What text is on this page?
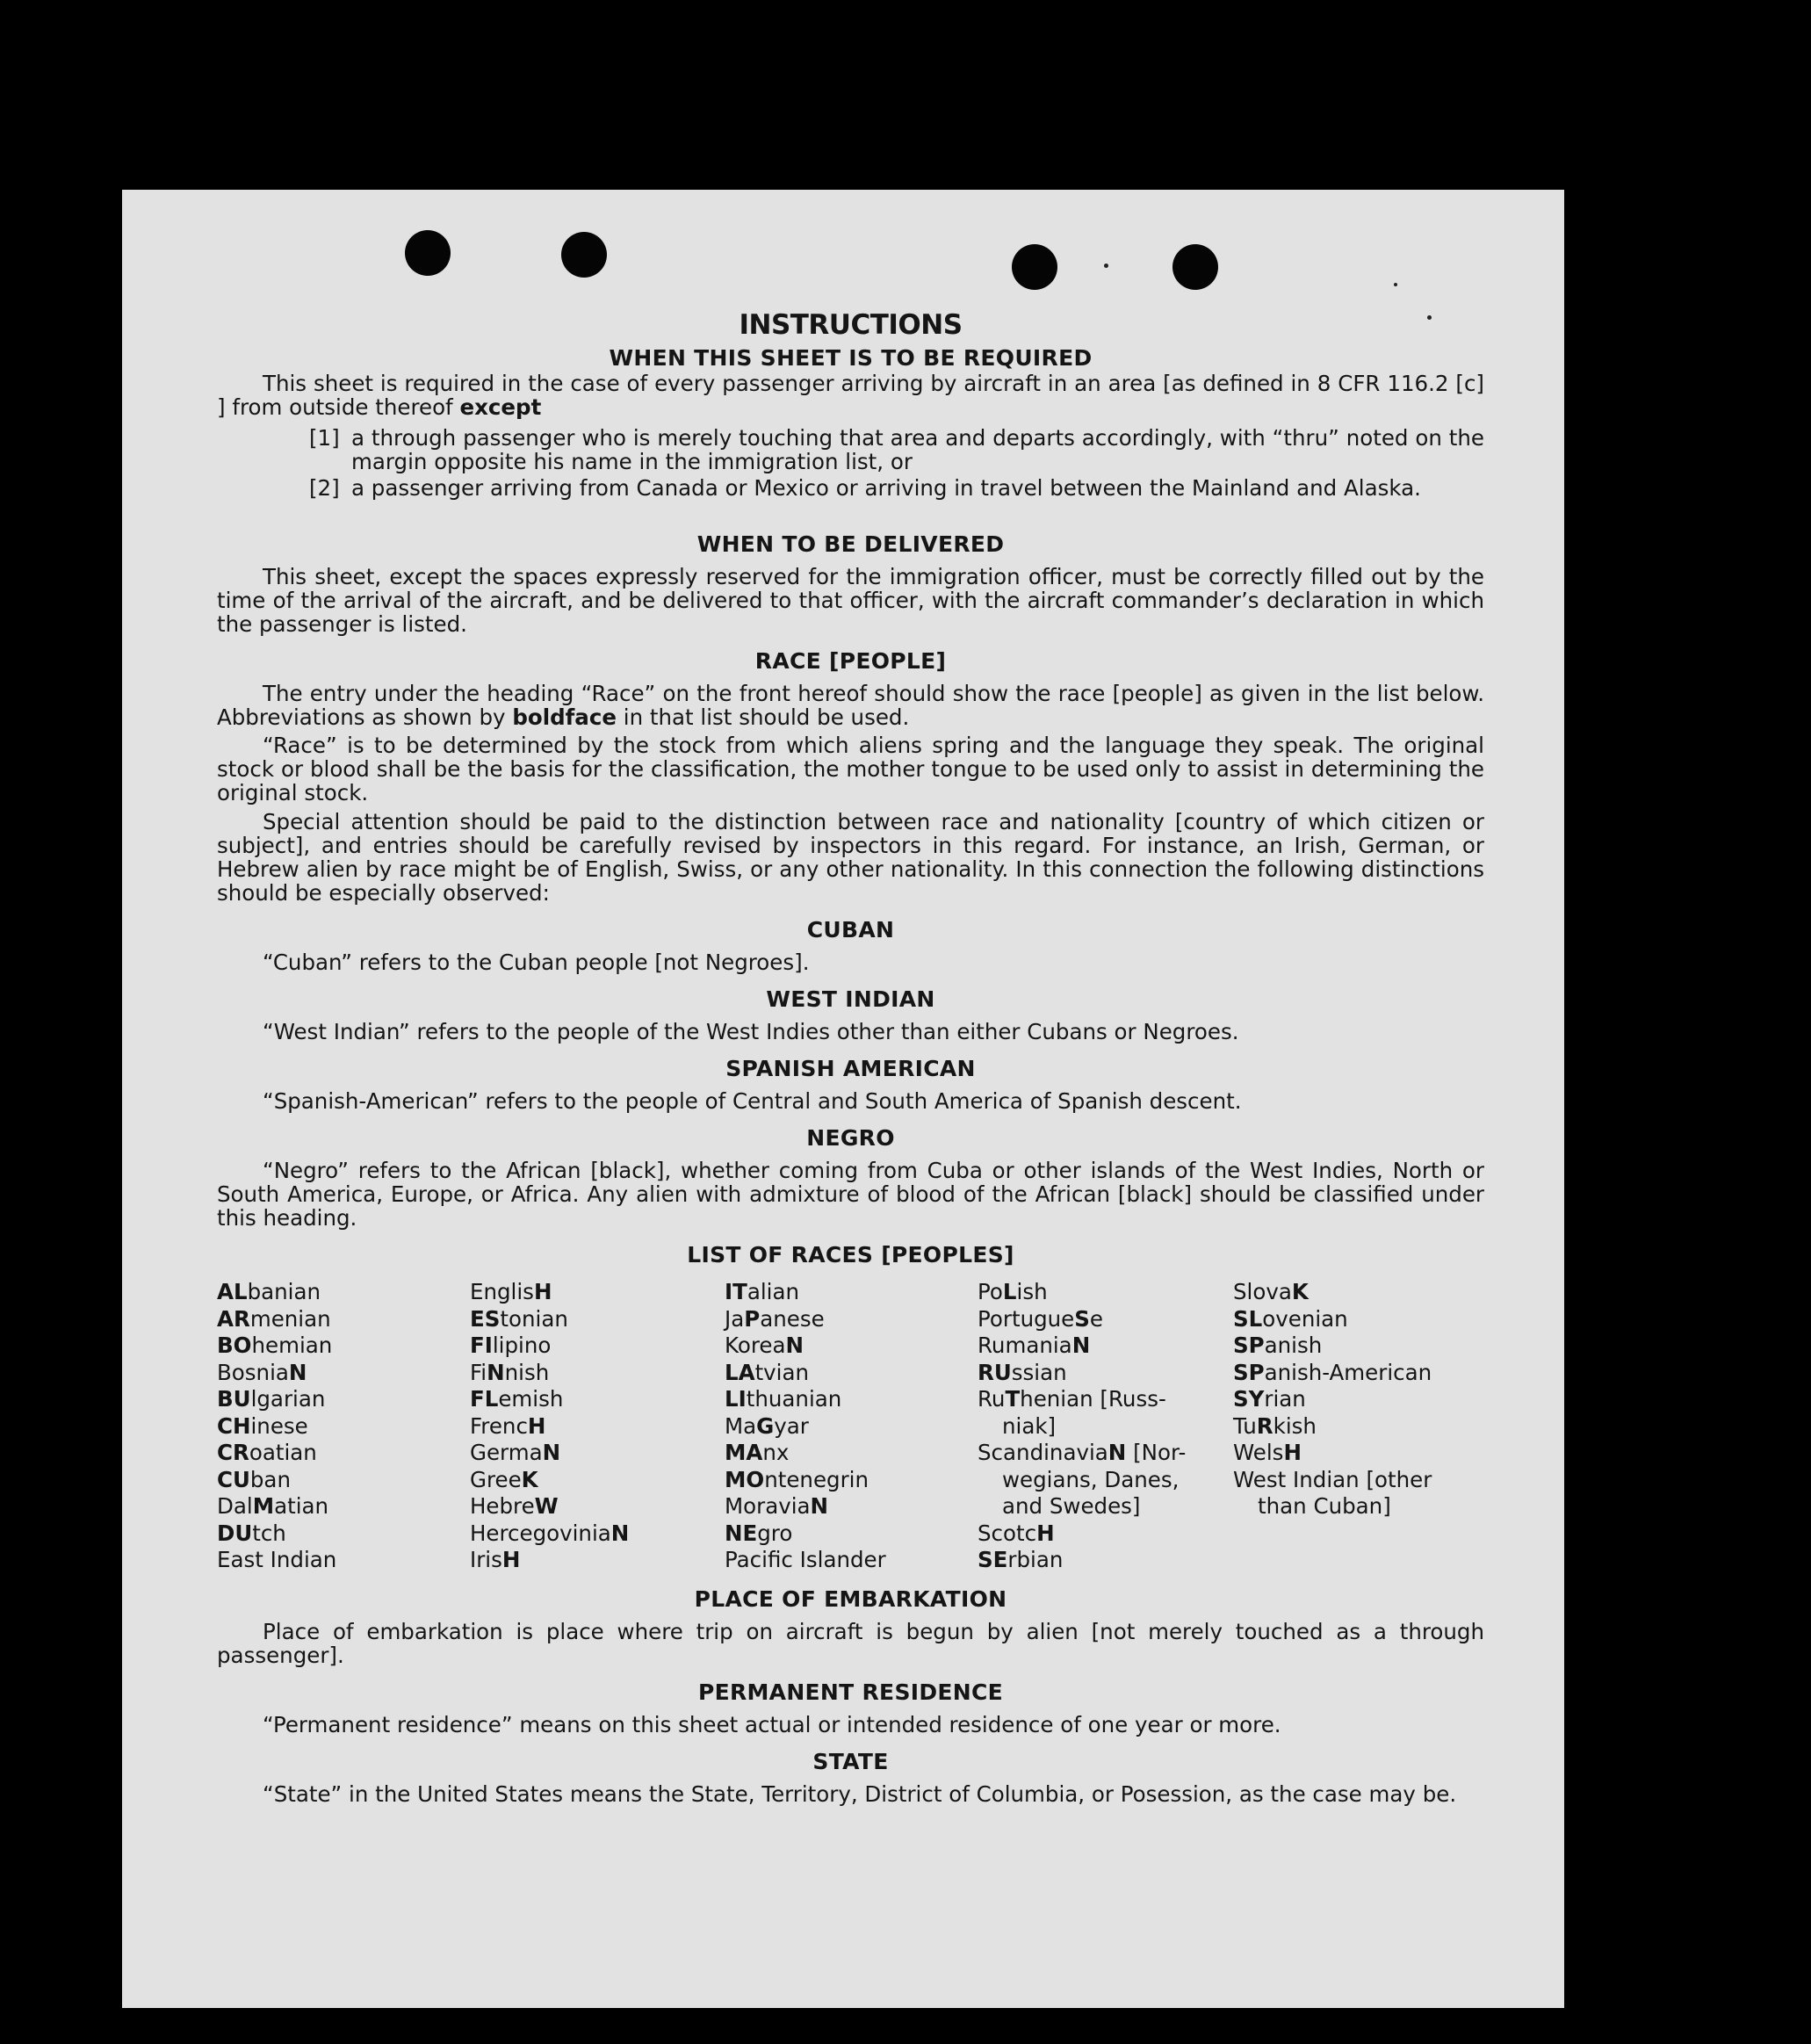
INSTRUCTIONS
WHEN THIS SHEET IS TO BE REQUIRED

This sheet is required in the case of every passenger arriving by aircraft in an area [as defined in 8 CFR 116.2 [c] ] from outside thereof except

[1] a through passenger who is merely touching that area and departs accordingly, with “thru” noted on the margin opposite his name in the immigration list, or
[2] a passenger arriving from Canada or Mexico or arriving in travel between the Mainland and Alaska.
WHEN TO BE DELIVERED

This sheet, except the spaces expressly reserved for the immigration officer, must be correctly filled out by the time of the arrival of the aircraft, and be delivered to that officer, with the aircraft commander’s declaration in which the passenger is listed.

RACE [PEOPLE]

The entry under the heading “Race” on the front hereof should show the race [people] as given in the list below. Abbreviations as shown by boldface in that list should be used.

“Race” is to be determined by the stock from which aliens spring and the language they speak. The original stock or blood shall be the basis for the classification, the mother tongue to be used only to assist in determining the original stock.

Special attention should be paid to the distinction between race and nationality [country of which citizen or subject], and entries should be carefully revised by inspectors in this regard. For instance, an Irish, German, or Hebrew alien by race might be of English, Swiss, or any other nationality. In this connection the following distinctions should be especially observed:

CUBAN

“Cuban” refers to the Cuban people [not Negroes].

WEST INDIAN

“West Indian” refers to the people of the West Indies other than either Cubans or Negroes.

SPANISH AMERICAN

“Spanish-American” refers to the people of Central and South America of Spanish descent.

NEGRO

“Negro” refers to the African [black], whether coming from Cuba or other islands of the West Indies, North or South America, Europe, or Africa. Any alien with admixture of blood of the African [black] should be classified under this heading.

LIST OF RACES [PEOPLES]
ALbanian
ARmenian
BOhemian
BosniaN
BUlgarian
CHinese
CRoatian
CUban
DalMatian
DUtch
East Indian
EnglisH
EStonian
FIlipino
FiNnish
FLemish
FrencH
GermaN
GreeK
HebreW
HercegoviniaN
IrisH
ITalian
JaPanese
KoreaN
LAtvian
LIthuanian
MaGyar
MAnx
MOntenegrin
MoraviaN
NEgro
Pacific Islander
PoLish
PortugueSe
RumaniaN
RUssian
RuThenian [Russ-
niak]
ScandinaviaN [Nor-
wegians, Danes,
and Swedes]
ScotcH
SErbian
SlovaK
SLovenian
SPanish
SPanish-American
SYrian
TuRkish
WelsH
West Indian [other
than Cuban]
PLACE OF EMBARKATION

Place of embarkation is place where trip on aircraft is begun by alien [not merely touched as a through passenger].

PERMANENT RESIDENCE

“Permanent residence” means on this sheet actual or intended residence of one year or more.

STATE

“State” in the United States means the State, Territory, District of Columbia, or Posession, as the case may be.
